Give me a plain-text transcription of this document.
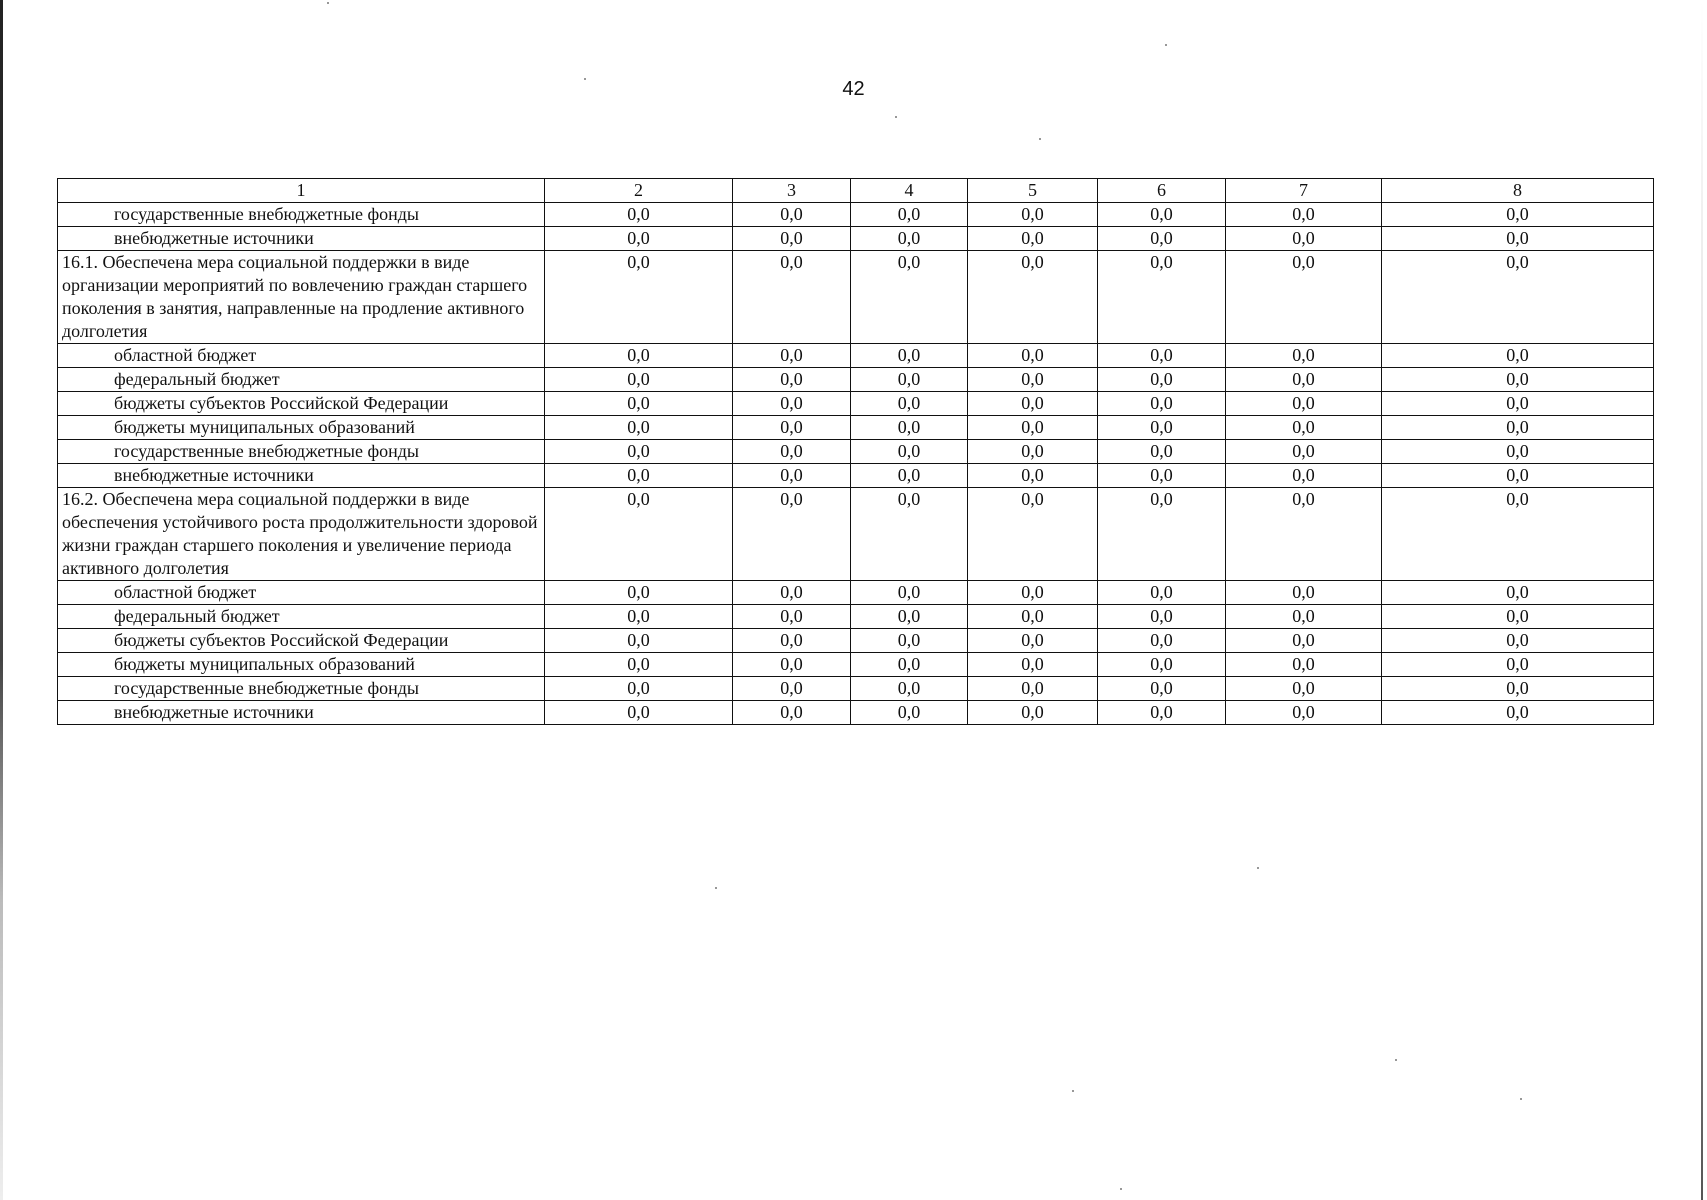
42
1	2	3	4	5	6	7	8
государственные внебюджетные фонды	0,0	0,0	0,0	0,0	0,0	0,0	0,0
внебюджетные источники	0,0	0,0	0,0	0,0	0,0	0,0	0,0
16.1. Обеспечена мера социальной поддержки в виде организации мероприятий по вовлечению граждан старшего поколения в занятия, направленные на продление активного долголетия	0,0	0,0	0,0	0,0	0,0	0,0	0,0
областной бюджет	0,0	0,0	0,0	0,0	0,0	0,0	0,0
федеральный бюджет	0,0	0,0	0,0	0,0	0,0	0,0	0,0
бюджеты субъектов Российской Федерации	0,0	0,0	0,0	0,0	0,0	0,0	0,0
бюджеты муниципальных образований	0,0	0,0	0,0	0,0	0,0	0,0	0,0
государственные внебюджетные фонды	0,0	0,0	0,0	0,0	0,0	0,0	0,0
внебюджетные источники	0,0	0,0	0,0	0,0	0,0	0,0	0,0
16.2. Обеспечена мера социальной поддержки в виде обеспечения устойчивого роста продолжительности здоровой жизни граждан старшего поколения и увеличение периода активного долголетия	0,0	0,0	0,0	0,0	0,0	0,0	0,0
областной бюджет	0,0	0,0	0,0	0,0	0,0	0,0	0,0
федеральный бюджет	0,0	0,0	0,0	0,0	0,0	0,0	0,0
бюджеты субъектов Российской Федерации	0,0	0,0	0,0	0,0	0,0	0,0	0,0
бюджеты муниципальных образований	0,0	0,0	0,0	0,0	0,0	0,0	0,0
государственные внебюджетные фонды	0,0	0,0	0,0	0,0	0,0	0,0	0,0
внебюджетные источники	0,0	0,0	0,0	0,0	0,0	0,0	0,0
